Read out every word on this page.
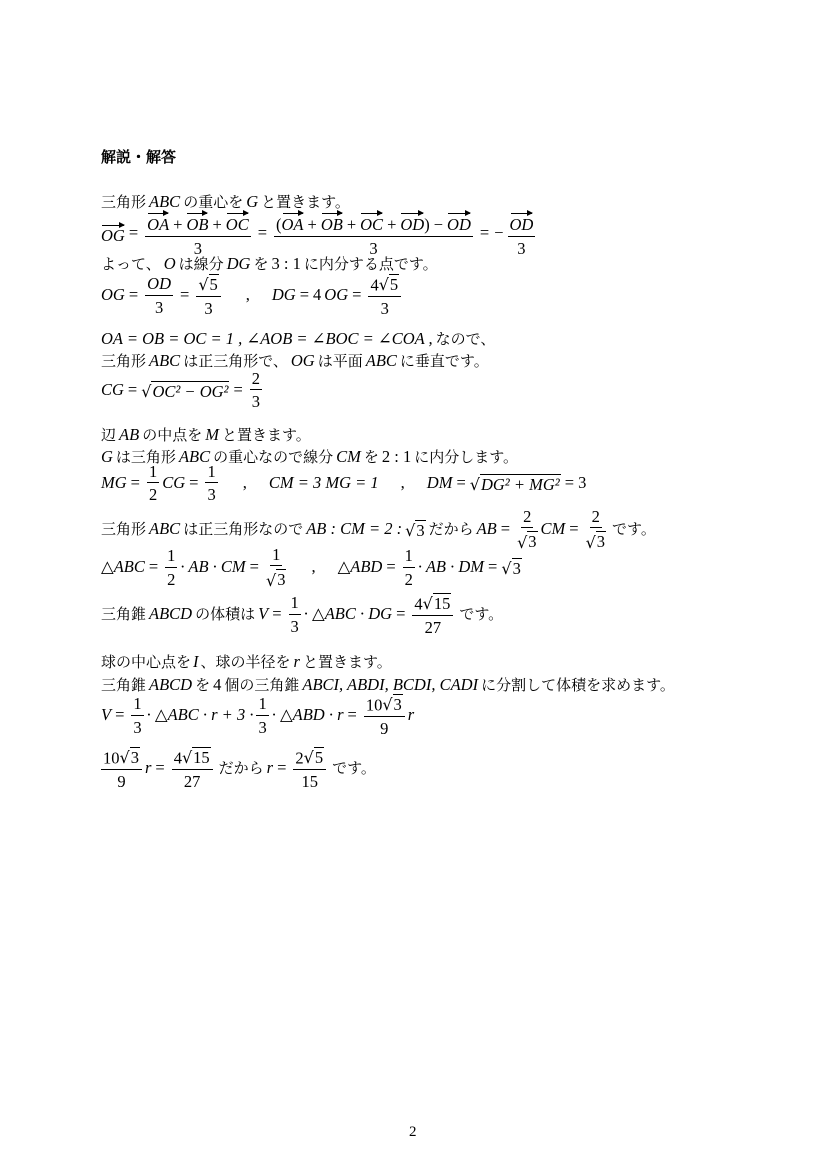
解説・解答
三角形 ABC の重心を G と置きます。
OG = $\frac{OA + OB + OC}{3} = \frac{(OA + OB + OC + OD) - OD}{3}$ = − $\frac{OD}{3}$
よって、 O は線分 DG を 3 : 1 に内分する点です。
OG = $\frac{OD}{3} = \frac{√ 5}{3}$ , DG = 4 OG = $\frac{4 √ 5}{3}$
OA = OB = OC = 1 , ∠AOB = ∠BOC = ∠COA , なので、
三角形 ABC は正三角形で、 OG は平面 ABC に垂直です。
CG = √ $OC^2 - OG^2 = \frac{2}{3}$
辺 AB の中点を M と置きます。
G は三角形 ABC の重心なので線分 CM を 2 : 1 に内分します。
MG = $\frac{1}{2}$ CG = $\frac{1}{3}$ , CM = 3 MG = 1 , DM = √ DG² + MG² = 3
三角形 ABC は正三角形なので AB : CM = 2 : √ 3 だから AB = $\frac{2}{√ 3}$ CM = $\frac{2}{√ 3}$ です。
△ABC = $\frac{1}{2}$ · AB · CM = $\frac{1}{√ 3}$ , △ABD = $\frac{1}{2}$ · AB · DM = √ 3
三角錐 ABCD の体積は $V = \frac{1}{3}$ · △ABC · DG = $\frac{4 √ 15}{27}$ です。
球の中心点を I 、球の半径を r と置きます。
三角錐 ABCD を 4 個の三角錐 ABCI, ABDI, BCDI, CADI に分割して体積を求めます。
$V = \frac{1}{3}$ · △ABC · $r + 3 \cdot \frac{1}{3}$ · △ABD · $r = \frac{10 √ 3}{9}$ r
$\frac{10 √ 3}{9}$ $r = \frac{4 √ 15}{27}$ だから $r = \frac{2 √ 5}{15}$ です。
2
